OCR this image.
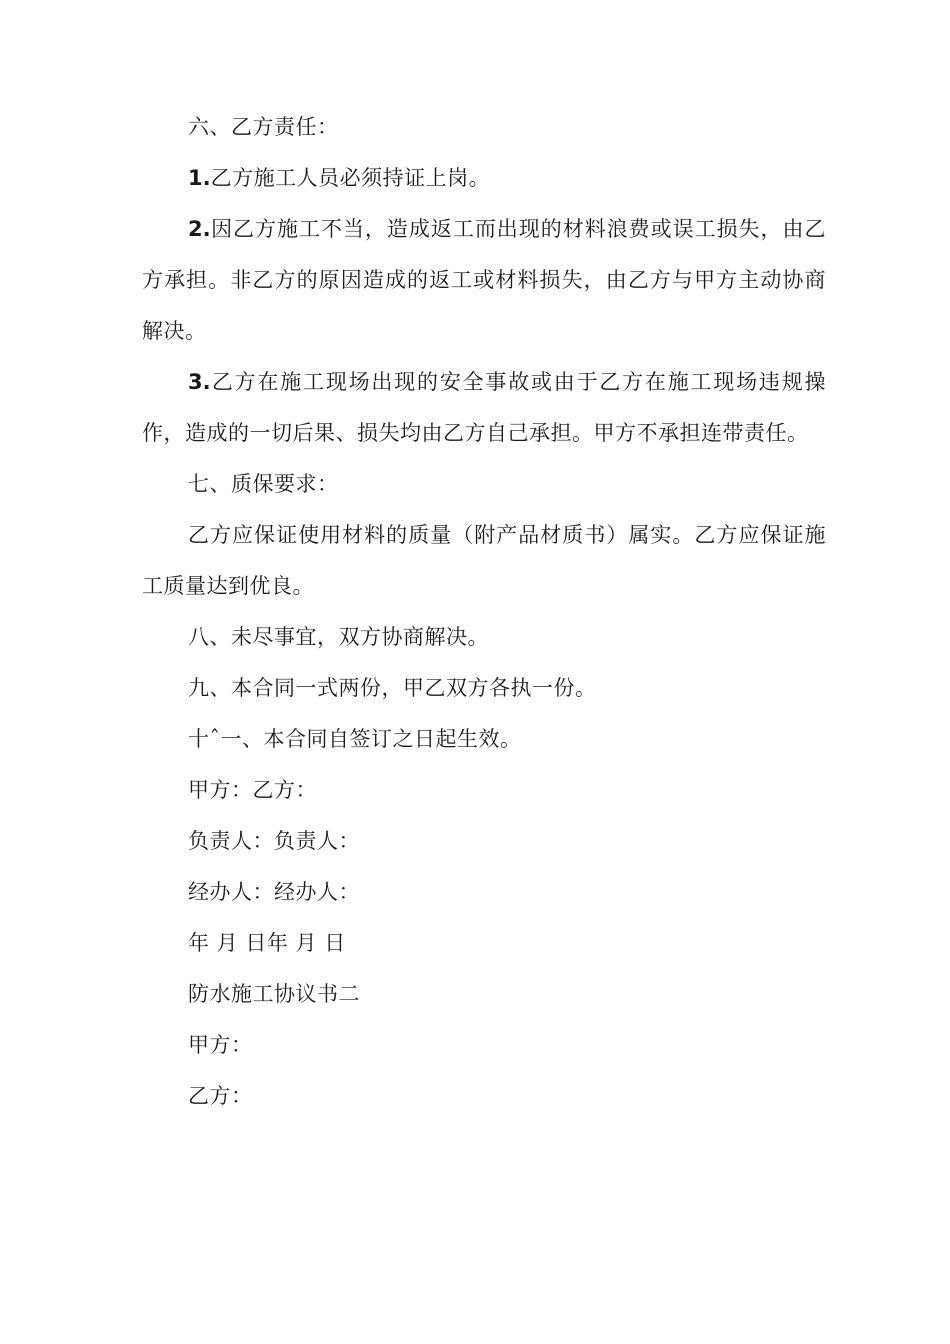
六、乙方责任：

1.乙方施工人员必须持证上岗。

2.因乙方施工不当，造成返工而出现的材料浪费或误工损失，由乙方承担。非乙方的原因造成的返工或材料损失，由乙方与甲方主动协商解决。

3.乙方在施工现场出现的安全事故或由于乙方在施工现场违规操作，造成的一切后果、损失均由乙方自己承担。甲方不承担连带责任。

七、质保要求：

乙方应保证使用材料的质量（附产品材质书）属实。乙方应保证施 工质量达到优良。

八、未尽事宜，双方协商解决。

九、本合同一式两份，甲乙双方各执一份。

十ˆ一、本合同自签订之日起生效。

甲方：乙方：

负责人：负责人：

经办人：经办人：

年 月 日年 月 日

防水施工协议书二

甲方：

乙方：
